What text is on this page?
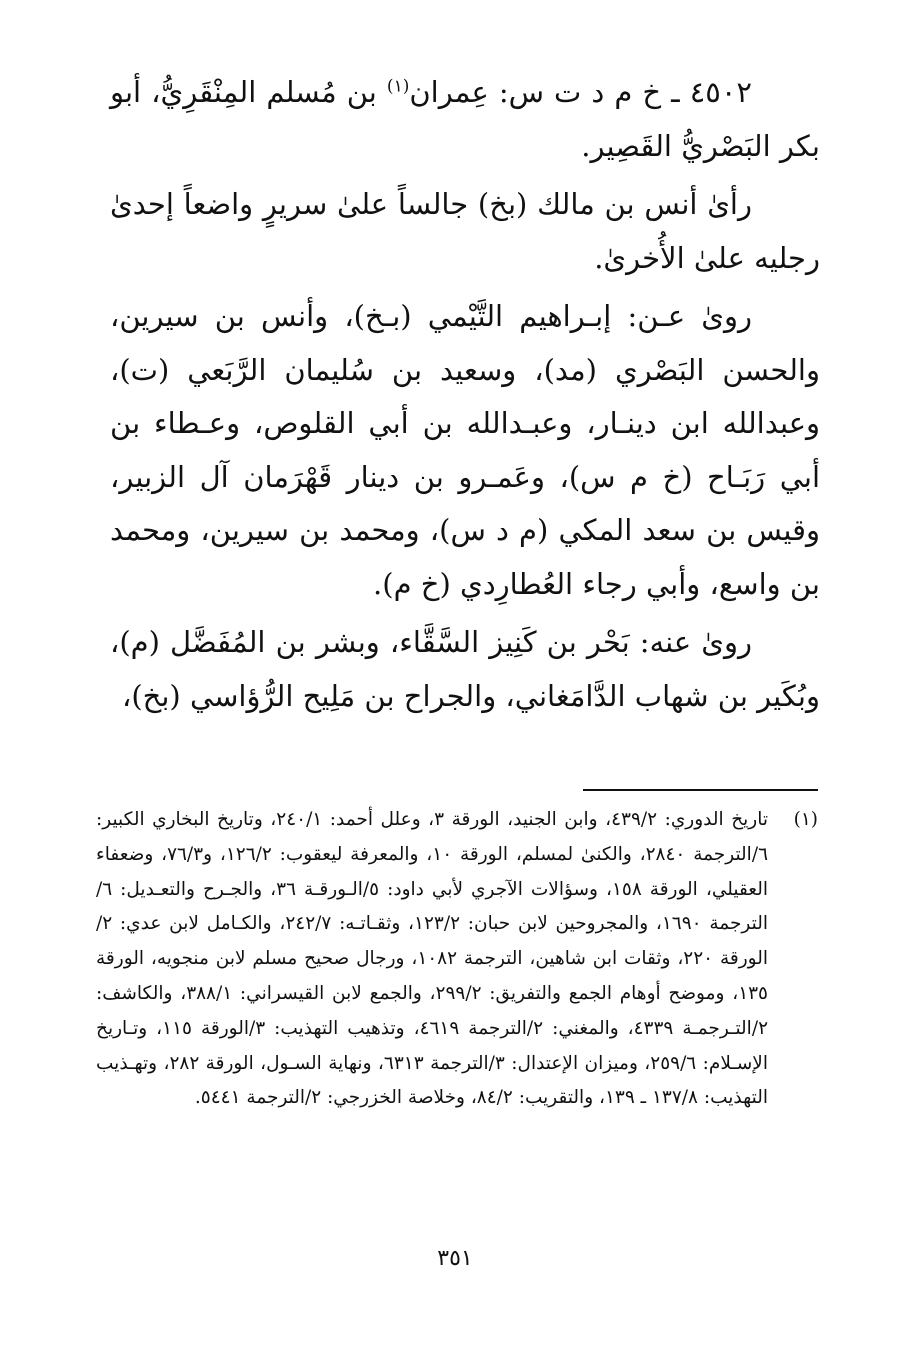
٤٥٠٢ ـ خ م د ت س: عِمران$^{(١)}$ بن مُسلم المِنْقَرِيُّ، أبو بكر البَصْريُّ القَصِير.

رأىٰ أنس بن مالك (بخ) جالساً علىٰ سريرٍ واضعاً إحدىٰ رجليه علىٰ الأُخرىٰ.

روىٰ عـن: إبـراهيم التَّيْمي (بـخ)، وأنس بن سيرين، والحسن البَصْري (مد)، وسعيد بن سُليمان الرَّبَعي (ت)، وعبدالله ابن دينـار، وعبـدالله بن أبي القلوص، وعـطاء بن أبي رَبَـاح (خ م س)، وعَمـرو بن دينار قَهْرَمان آل الزبير، وقيس بن سعد المكي (م د س)، ومحمد بن سيرين، ومحمد بن واسع، وأبي رجاء العُطارِدي (خ م).

روىٰ عنه: بَحْر بن كَنِيز السَّقَّاء، وبشر بن المُفَضَّل (م)، وبُكَير بن شهاب الدَّامَغاني، والجراح بن مَلِيح الرُّؤاسي (بخ)،

(١)
تاريخ الدوري: ٤٣٩/٢، وابن الجنيد، الورقة ٣، وعلل أحمد: ٢٤٠/١، وتاريخ البخاري الكبير: ٦/الترجمة ٢٨٤٠، والكنىٰ لمسلم، الورقة ١٠، والمعرفة ليعقوب: ١٢٦/٢، و٧٦/٣، وضعفاء العقيلي، الورقة ١٥٨، وسؤالات الآجري لأبي داود: ٥/الـورقـة ٣٦، والجـرح والتعـديل: ٦/الترجمة ١٦٩٠، والمجروحين لابن حبان: ١٢٣/٢، وثقـاتـه: ٢٤٢/٧، والكـامل لابن عدي: ٢/الورقة ٢٢٠، وثقات ابن شاهين، الترجمة ١٠٨٢، ورجال صحيح مسلم لابن منجويه، الورقة ١٣٥، وموضح أوهام الجمع والتفريق: ٢٩٩/٢، والجمع لابن القيسراني: ٣٨٨/١، والكاشف: ٢/التـرجمـة ٤٣٣٩، والمغني: ٢/الترجمة ٤٦١٩، وتذهيب التهذيب: ٣/الورقة ١١٥، وتـاريخ الإسـلام: ٢٥٩/٦، وميزان الإعتدال: ٣/الترجمة ٦٣١٣، ونهاية السـول، الورقة ٢٨٢، وتهـذيب التهذيب: ١٣٧/٨ ـ ١٣٩، والتقريب: ٨٤/٢، وخلاصة الخزرجي: ٢/الترجمة ٥٤٤١.
٣٥١
